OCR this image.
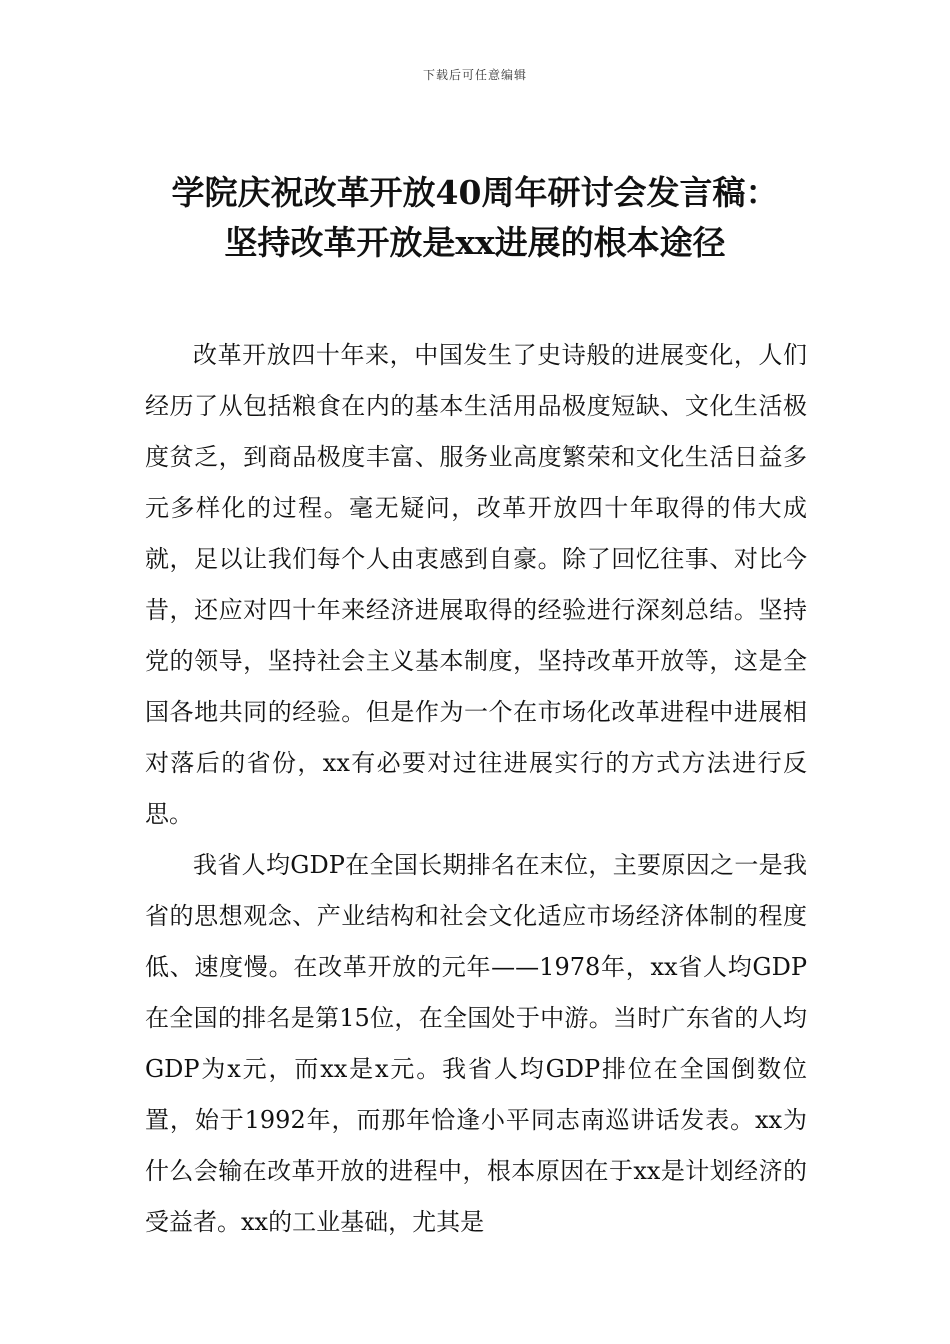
下载后可任意编辑
学院庆祝改革开放40周年研讨会发言稿：
坚持改革开放是xx进展的根本途径

改革开放四十年来，中国发生了史诗般的进展变化，人们经历了从包括粮食在内的基本生活用品极度短缺、文化生活极度贫乏，到商品极度丰富、服务业高度繁荣和文化生活日益多元多样化的过程。毫无疑问，改革开放四十年取得的伟大成就，足以让我们每个人由衷感到自豪。除了回忆往事、对比今昔，还应对四十年来经济进展取得的经验进行深刻总结。坚持党的领导，坚持社会主义基本制度，坚持改革开放等，这是全国各地共同的经验。但是作为一个在市场化改革进程中进展相对落后的省份，xx有必要对过往进展实行的方式方法进行反思。

我省人均GDP在全国长期排名在末位，主要原因之一是我省的思想观念、产业结构和社会文化适应市场经济体制的程度低、速度慢。在改革开放的元年——1978年，xx省人均GDP在全国的排名是第15位，在全国处于中游。当时广东省的人均GDP为x元，而xx是x元。我省人均GDP排位在全国倒数位置，始于1992年，而那年恰逢小平同志南巡讲话发表。xx为什么会输在改革开放的进程中，根本原因在于xx是计划经济的受益者。xx的工业基础，尤其是
